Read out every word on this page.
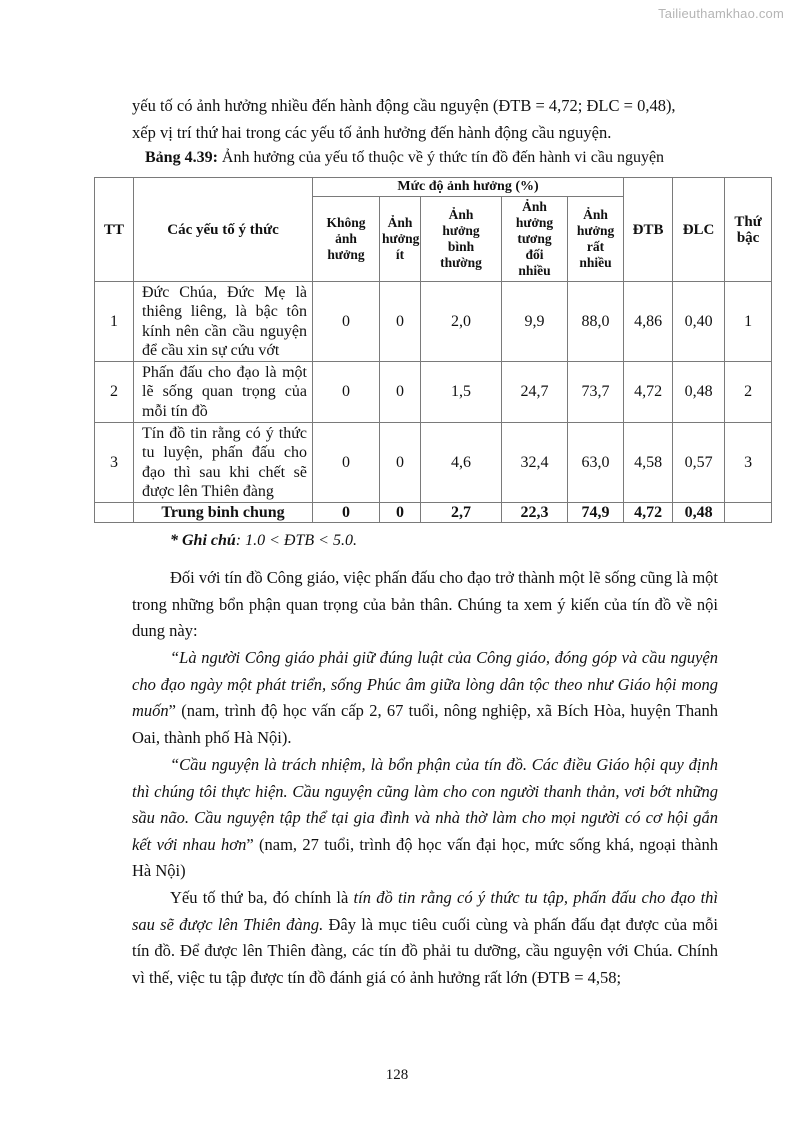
Tailieuthamkhao.com

yếu tố có ảnh hưởng nhiều đến hành động cầu nguyện (ĐTB = 4,72; ĐLC = 0,48),
xếp vị trí thứ hai trong các yếu tố ảnh hưởng đến hành động cầu nguyện.

Bảng 4.39: Ảnh hưởng của yếu tố thuộc về ý thức tín đồ đến hành vi cầu nguyện
TT	Các yếu tố ý thức	Mức độ ảnh hưởng (%)					ĐTB	ĐLC	Thứ bậc
		Không ảnh hưởng	Ảnh hưởng ít	Ảnh hưởng bình thường	Ảnh hưởng tương đối nhiều	Ảnh hưởng rất nhiều			
1	Đức Chúa, Đức Mẹ là thiêng liêng, là bậc tôn kính nên cần cầu nguyện để cầu xin sự cứu vớt	0	0	2,0	9,9	88,0	4,86	0,40	1
2	Phấn đấu cho đạo là một lẽ sống quan trọng của mỗi tín đồ	0	0	1,5	24,7	73,7	4,72	0,48	2
3	Tín đồ tin rằng có ý thức tu luyện, phấn đấu cho đạo thì sau khi chết sẽ được lên Thiên đàng	0	0	4,6	32,4	63,0	4,58	0,57	3
	Trung binh chung	0	0	2,7	22,3	74,9	4,72	0,48	
* Ghi chú: 1.0 < ĐTB < 5.0.

Đối với tín đồ Công giáo, việc phấn đấu cho đạo trở thành một lẽ sống cũng là một trong những bổn phận quan trọng của bản thân. Chúng ta xem ý kiến của tín đồ về nội dung này:

“Là người Công giáo phải giữ đúng luật của Công giáo, đóng góp và cầu nguyện cho đạo ngày một phát triển, sống Phúc âm giữa lòng dân tộc theo như Giáo hội mong muốn” (nam, trình độ học vấn cấp 2, 67 tuổi, nông nghiệp, xã Bích Hòa, huyện Thanh Oai, thành phố Hà Nội).

“Cầu nguyện là trách nhiệm, là bổn phận của tín đồ. Các điều Giáo hội quy định thì chúng tôi thực hiện. Cầu nguyện cũng làm cho con người thanh thản, vơi bớt những sầu não. Cầu nguyện tập thể tại gia đình và nhà thờ làm cho mọi người có cơ hội gắn kết với nhau hơn” (nam, 27 tuổi, trình độ học vấn đại học, mức sống khá, ngoại thành Hà Nội)

Yếu tố thứ ba, đó chính là tín đồ tin rằng có ý thức tu tập, phấn đấu cho đạo thì sau sẽ được lên Thiên đàng. Đây là mục tiêu cuối cùng và phấn đấu đạt được của mỗi tín đồ. Để được lên Thiên đàng, các tín đồ phải tu dưỡng, cầu nguyện với Chúa. Chính vì thế, việc tu tập được tín đồ đánh giá có ảnh hưởng rất lớn (ĐTB = 4,58;

128
